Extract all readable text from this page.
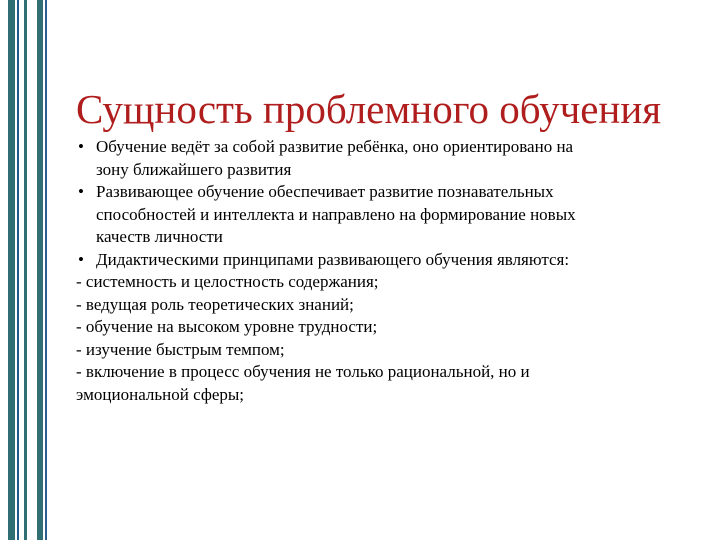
Сущность проблемного обучения
• Обучение ведёт за собой развитие ребёнка, оно ориентировано на
зону ближайшего развития
• Развивающее обучение обеспечивает развитие познавательных
способностей и интеллекта и направлено на формирование новых
качеств личности
• Дидактическими принципами развивающего обучения являются:
- системность и целостность содержания;
- ведущая роль теоретических знаний;
- обучение на высоком уровне трудности;
- изучение быстрым темпом;
- включение в процесс обучения не только рациональной, но и
эмоциональной сферы;
